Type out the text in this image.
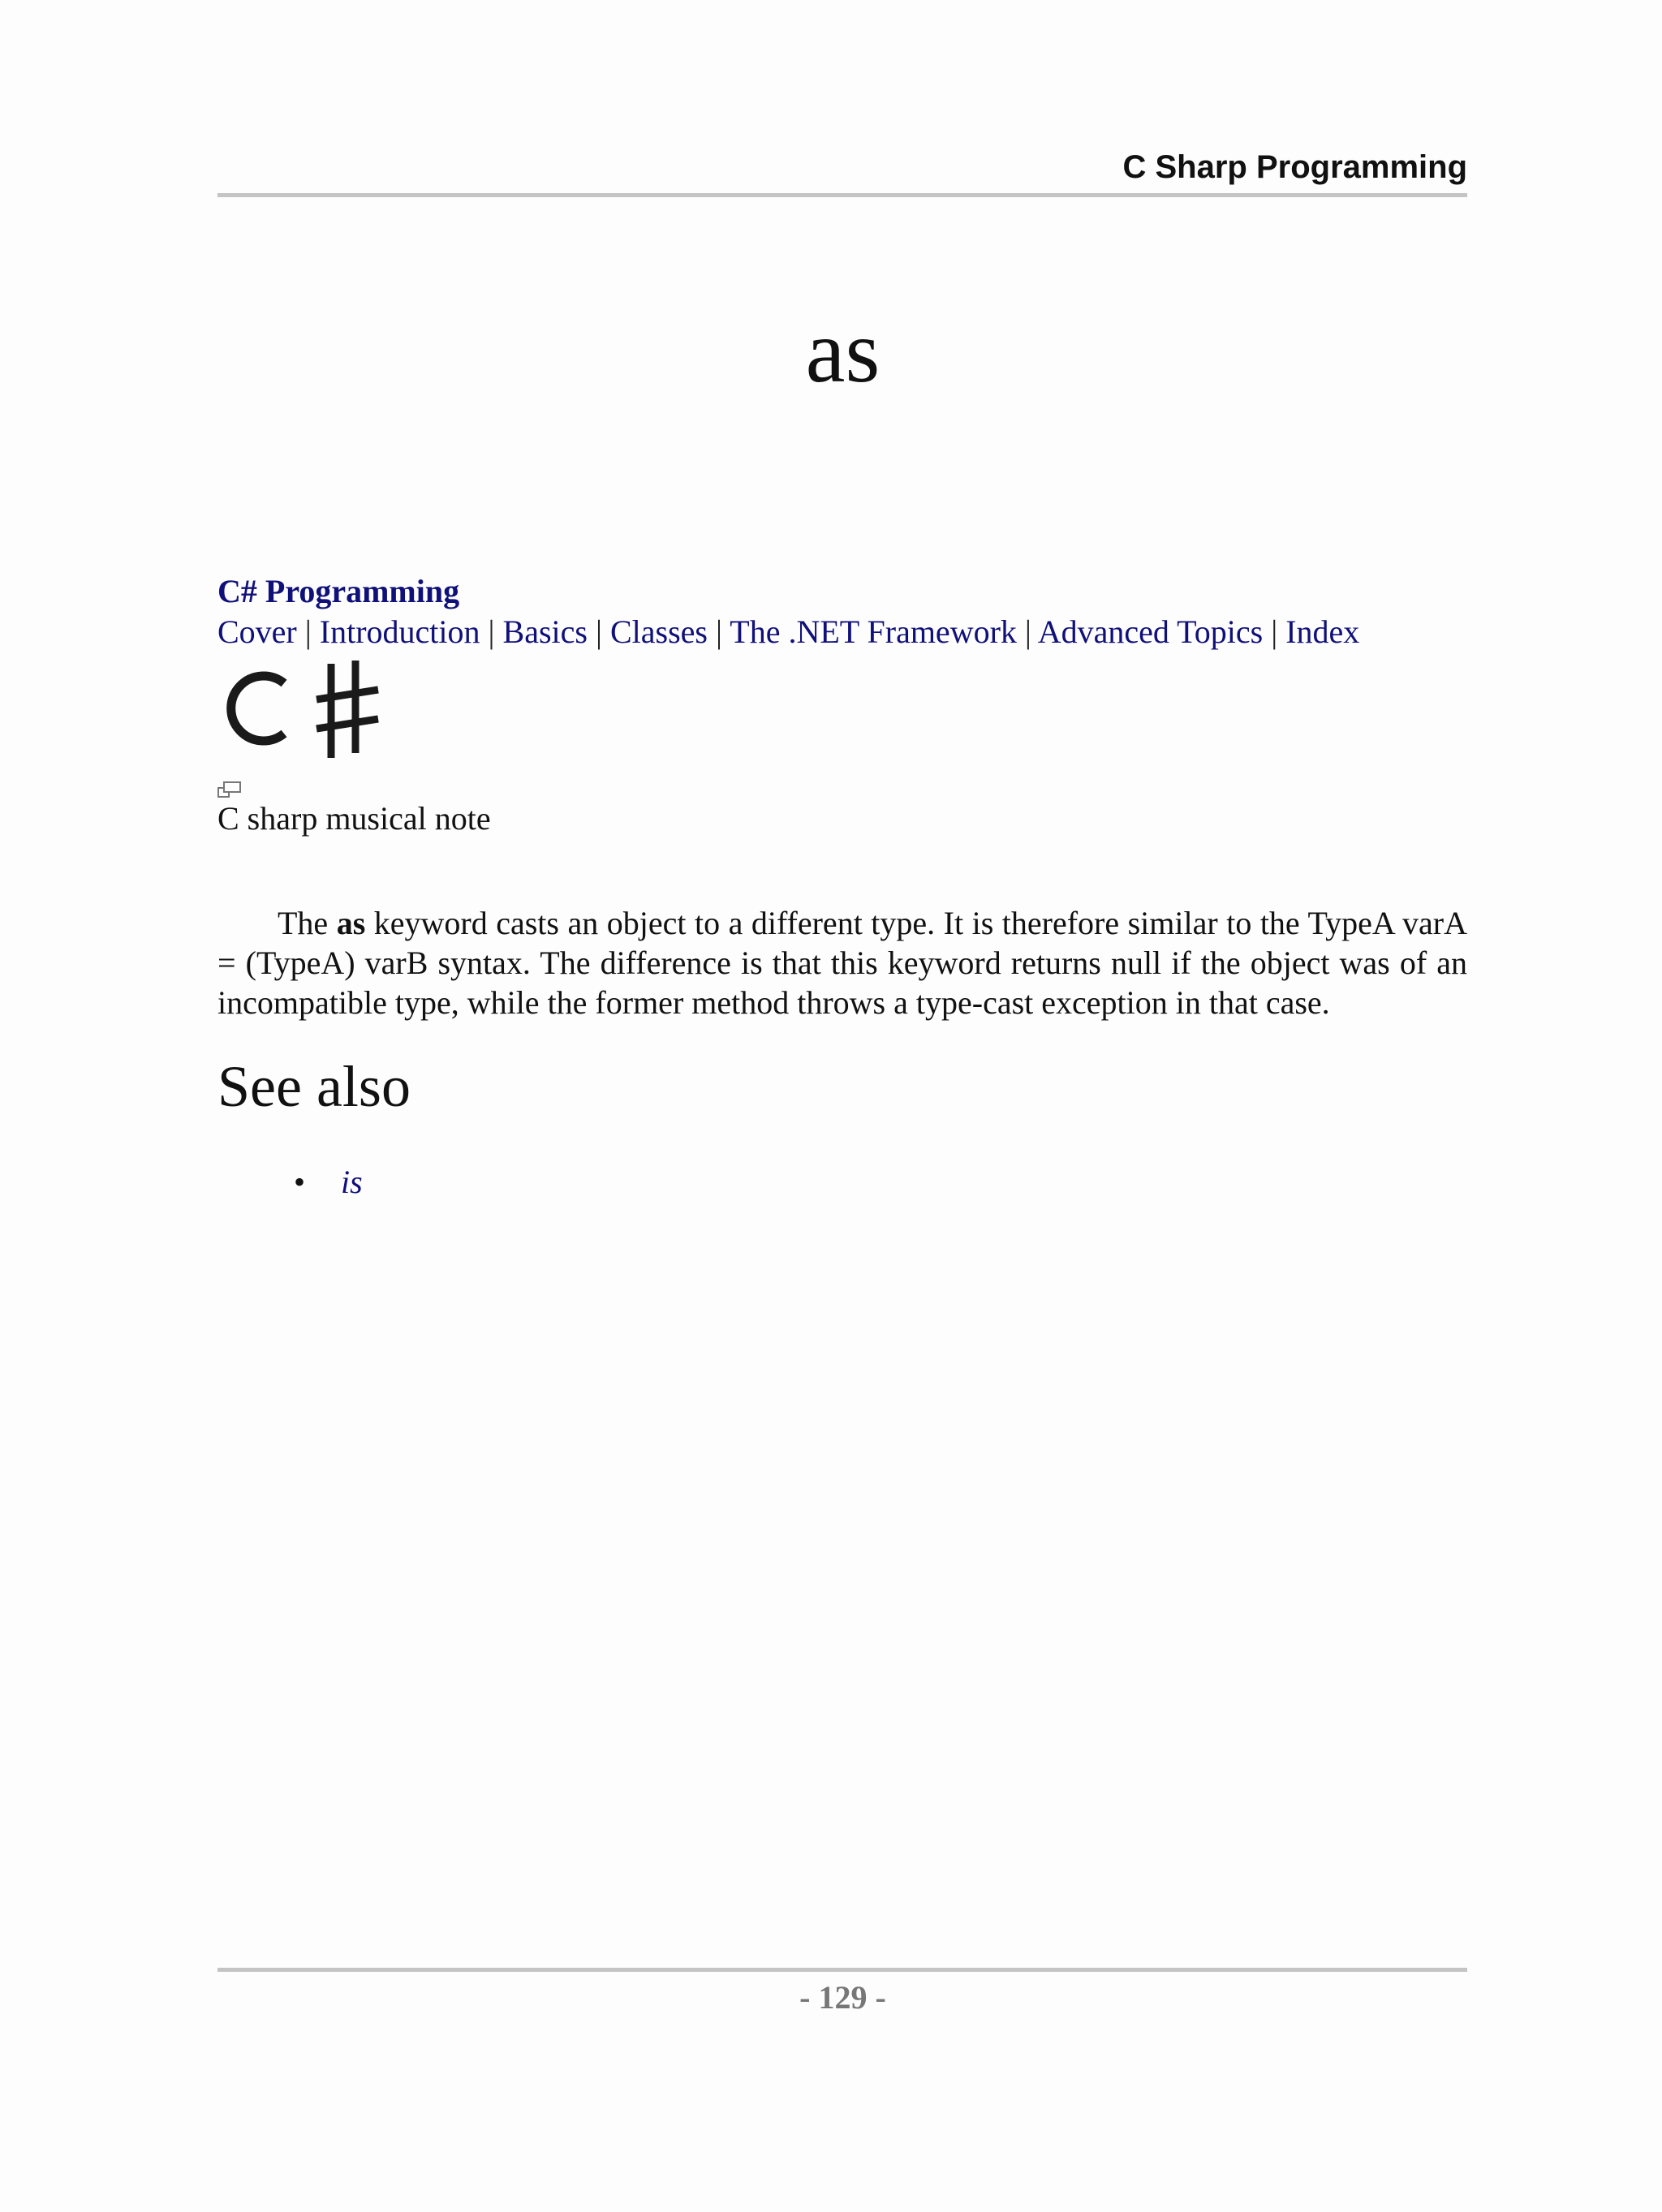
C Sharp Programming
as
C# Programming
Cover | Introduction | Basics | Classes | The .NET Framework | Advanced Topics | Index
C sharp musical note

The as keyword casts an object to a different type. It is therefore similar to the TypeA varA = (TypeA) varB syntax. The difference is that this keyword returns null if the object was of an incompatible type, while the former method throws a type-cast exception in that case.

See also
• is
- 129 -
